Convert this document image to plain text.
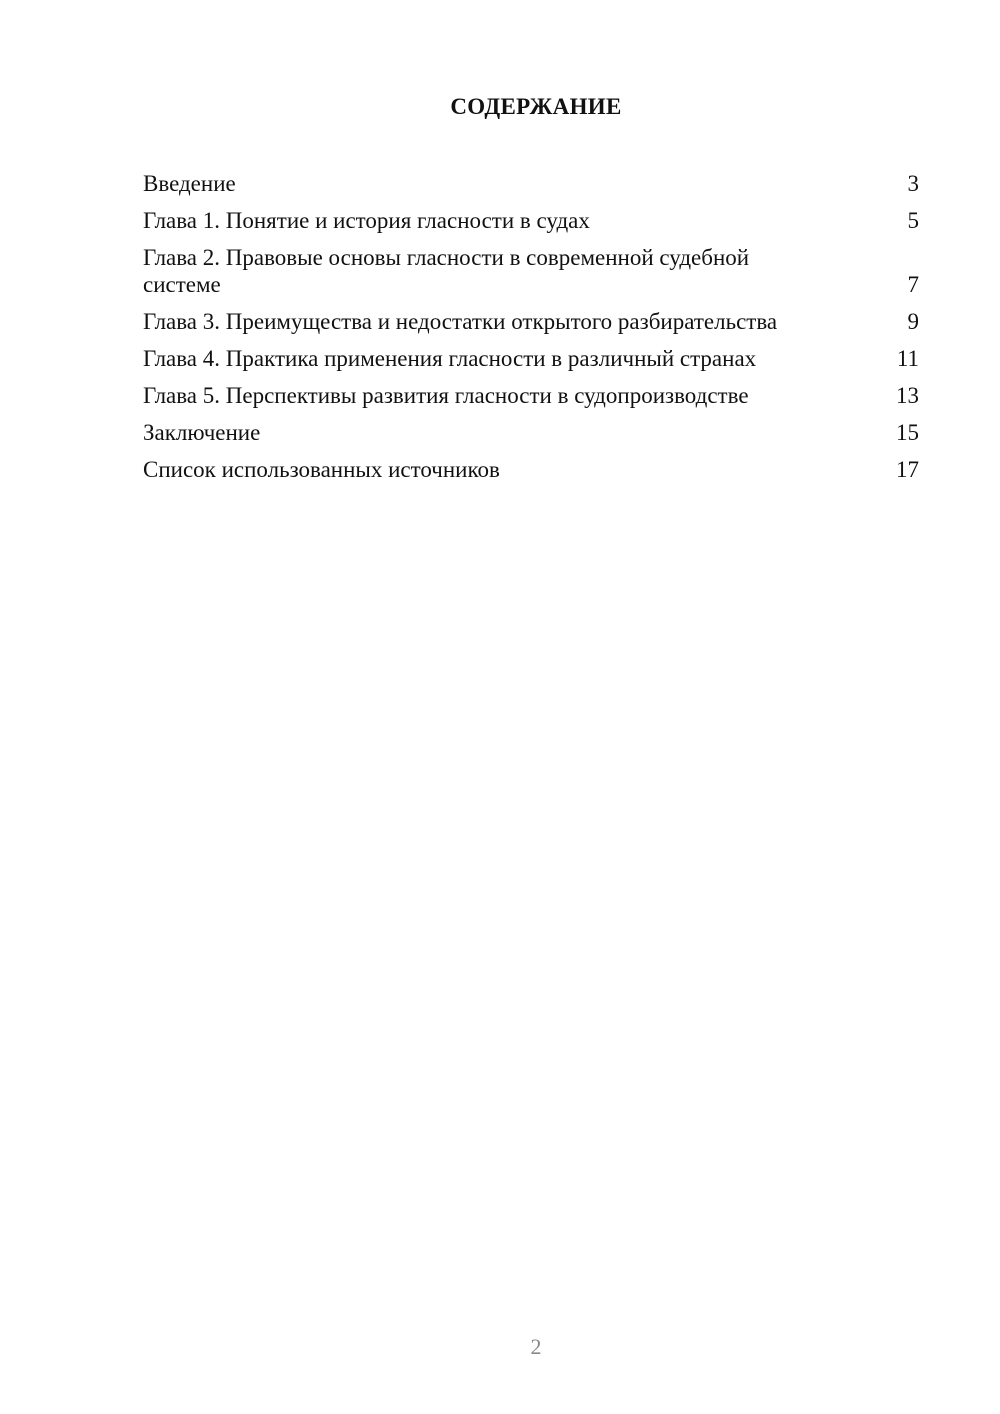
СОДЕРЖАНИЕ
Введение	3
Глава 1. Понятие и история гласности в судах	5
Глава 2. Правовые основы гласности в современной судебной системе	7
Глава 3. Преимущества и недостатки открытого разбирательства	9
Глава 4. Практика применения гласности в различный странах	11
Глава 5. Перспективы развития гласности в судопроизводстве	13
Заключение	15
Список использованных источников	17
2
